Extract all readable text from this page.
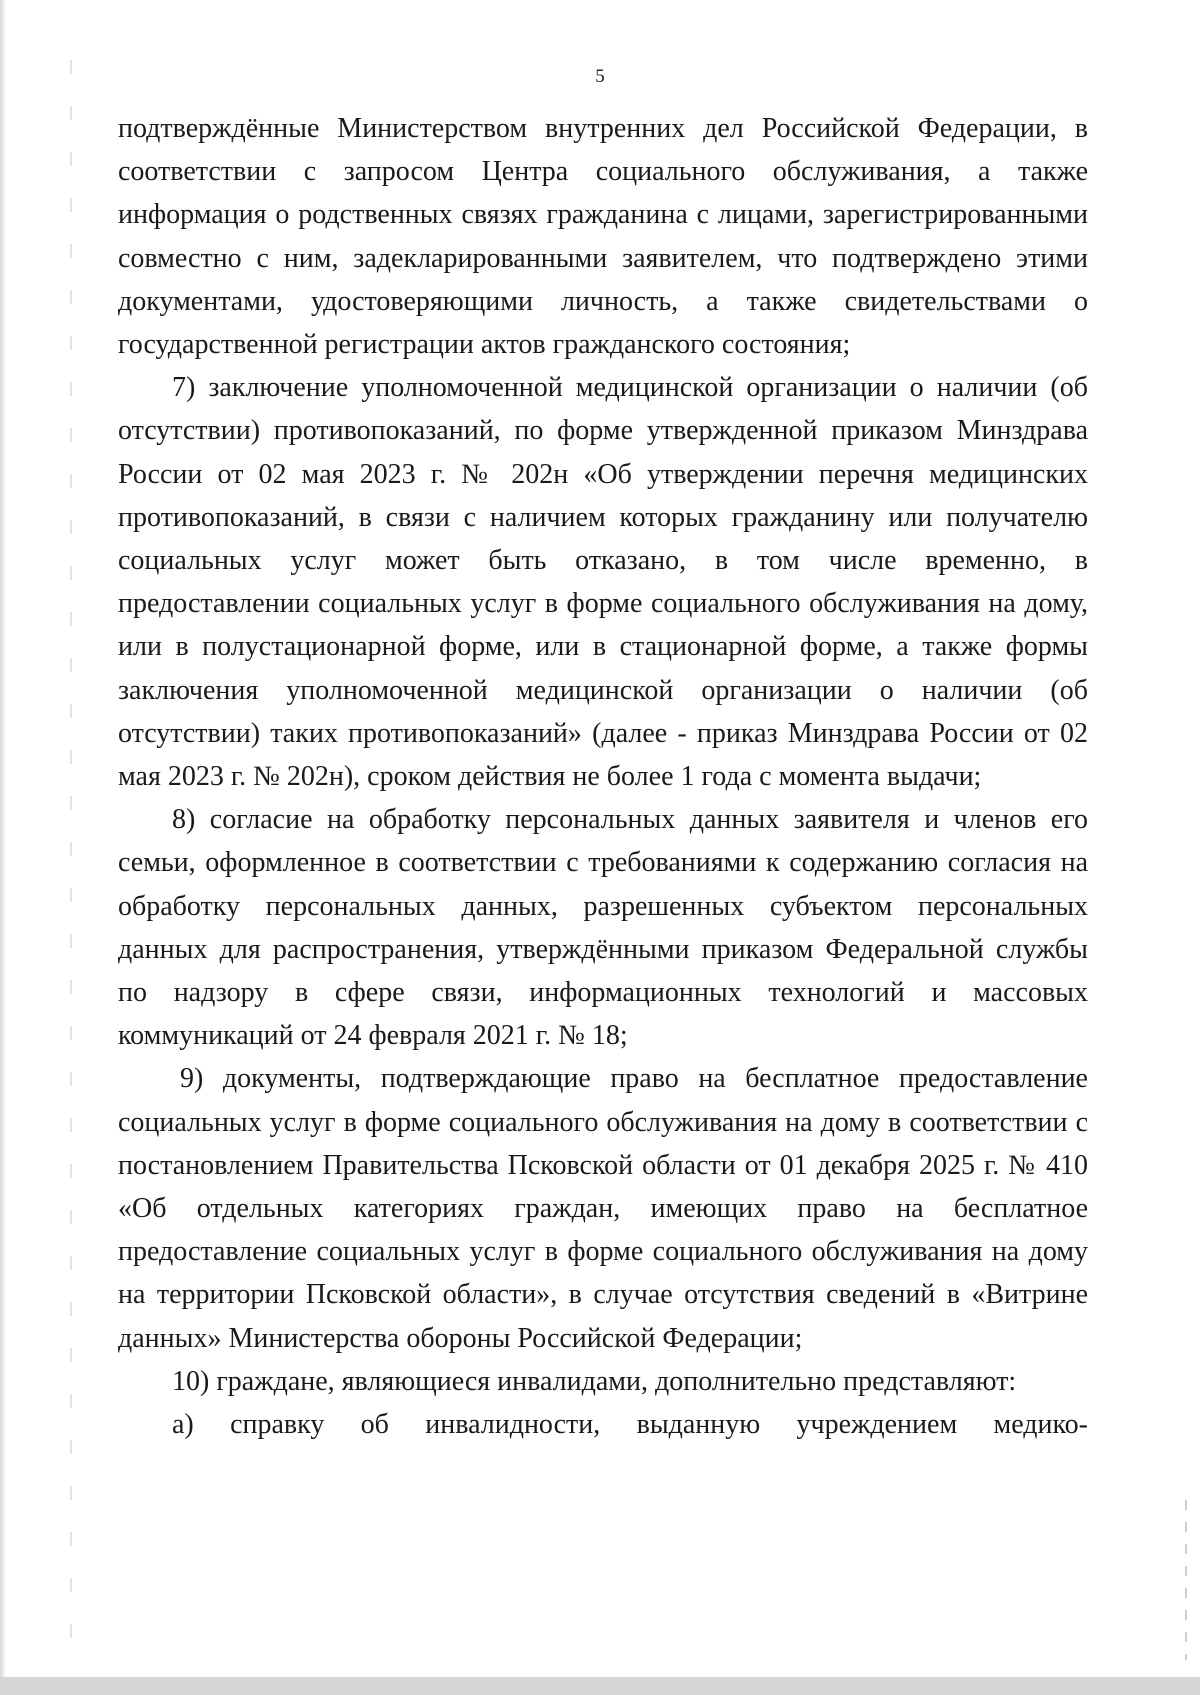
5

подтверждённые Министерством внутренних дел Российской Федерации, в соответствии с запросом Центра социального обслуживания, а также информация о родственных связях гражданина с лицами, зарегистрированными совместно с ним, задекларированными заявителем, что подтверждено этими документами, удостоверяющими личность, а также свидетельствами о государственной регистрации актов гражданского состояния;

7) заключение уполномоченной медицинской организации о наличии (об отсутствии) противопоказаний, по форме утвержденной приказом Минздрава России от 02 мая 2023 г. № 202н «Об утверждении перечня медицинских противопоказаний, в связи с наличием которых гражданину или получателю социальных услуг может быть отказано, в том числе временно, в предоставлении социальных услуг в форме социального обслуживания на дому, или в полустационарной форме, или в стационарной форме, а также формы заключения уполномоченной медицинской организации о наличии (об отсутствии) таких противопоказаний» (далее - приказ Минздрава России от 02 мая 2023 г. № 202н), сроком действия не более 1 года с момента выдачи;

8) согласие на обработку персональных данных заявителя и членов его семьи, оформленное в соответствии с требованиями к содержанию согласия на обработку персональных данных, разрешенных субъектом персональных данных для распространения, утверждёнными приказом Федеральной службы по надзору в сфере связи, информационных технологий и массовых коммуникаций от 24 февраля 2021 г. № 18;

9) документы, подтверждающие право на бесплатное предоставление социальных услуг в форме социального обслуживания на дому в соответствии с постановлением Правительства Псковской области от 01 декабря 2025 г. № 410 «Об отдельных категориях граждан, имеющих право на бесплатное предоставление социальных услуг в форме социального обслуживания на дому на территории Псковской области», в случае отсутствия сведений в «Витрине данных» Министерства обороны Российской Федерации;

10) граждане, являющиеся инвалидами, дополнительно представляют:

а) справку об инвалидности, выданную учреждением медико-
